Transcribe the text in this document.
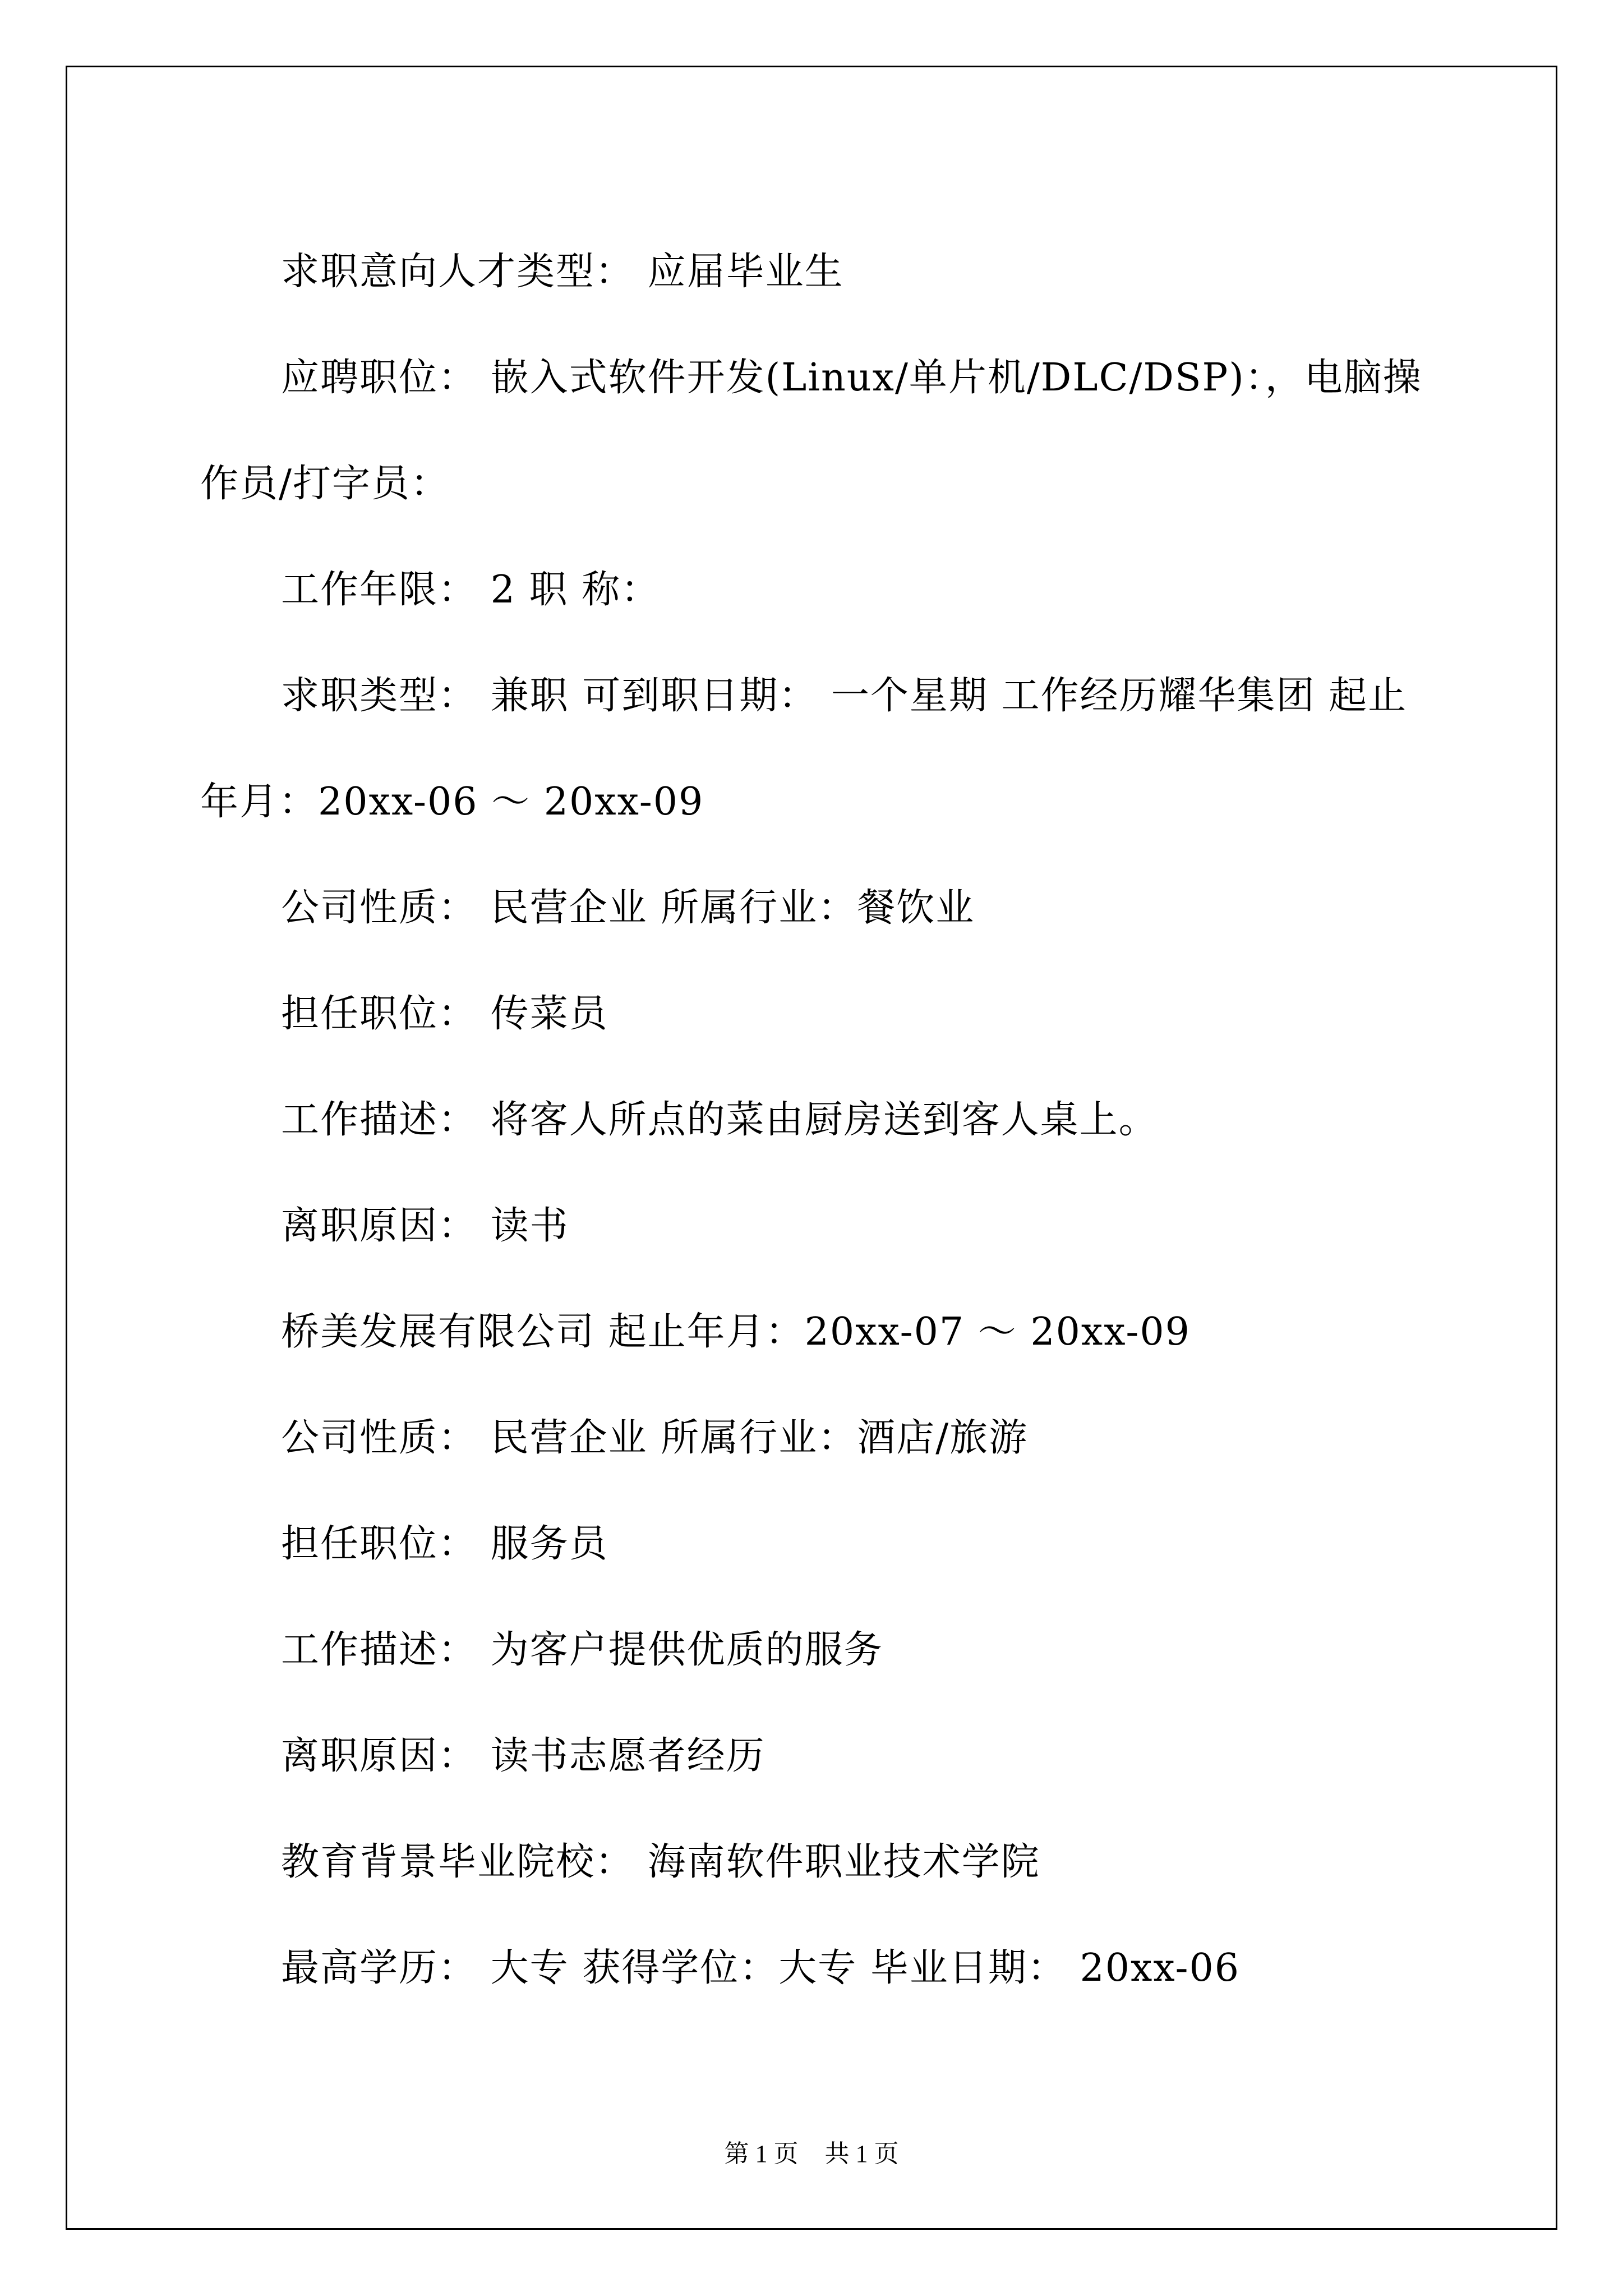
求职意向人才类型： 应届毕业生

应聘职位： 嵌入式软件开发(Linux/单片机/DLC/DSP)：，电脑操作员/打字员：

工作年限： 2 职 称：

求职类型： 兼职 可到职日期： 一个星期 工作经历耀华集团 起止年月：20xx-06 ～ 20xx-09

公司性质： 民营企业 所属行业：餐饮业

担任职位： 传菜员

工作描述： 将客人所点的菜由厨房送到客人桌上。

离职原因： 读书

桥美发展有限公司 起止年月：20xx-07 ～ 20xx-09

公司性质： 民营企业 所属行业：酒店/旅游

担任职位： 服务员

工作描述： 为客户提供优质的服务

离职原因： 读书志愿者经历

教育背景毕业院校： 海南软件职业技术学院

最高学历： 大专 获得学位：大专 毕业日期： 20xx-06

第 1 页 共 1 页
